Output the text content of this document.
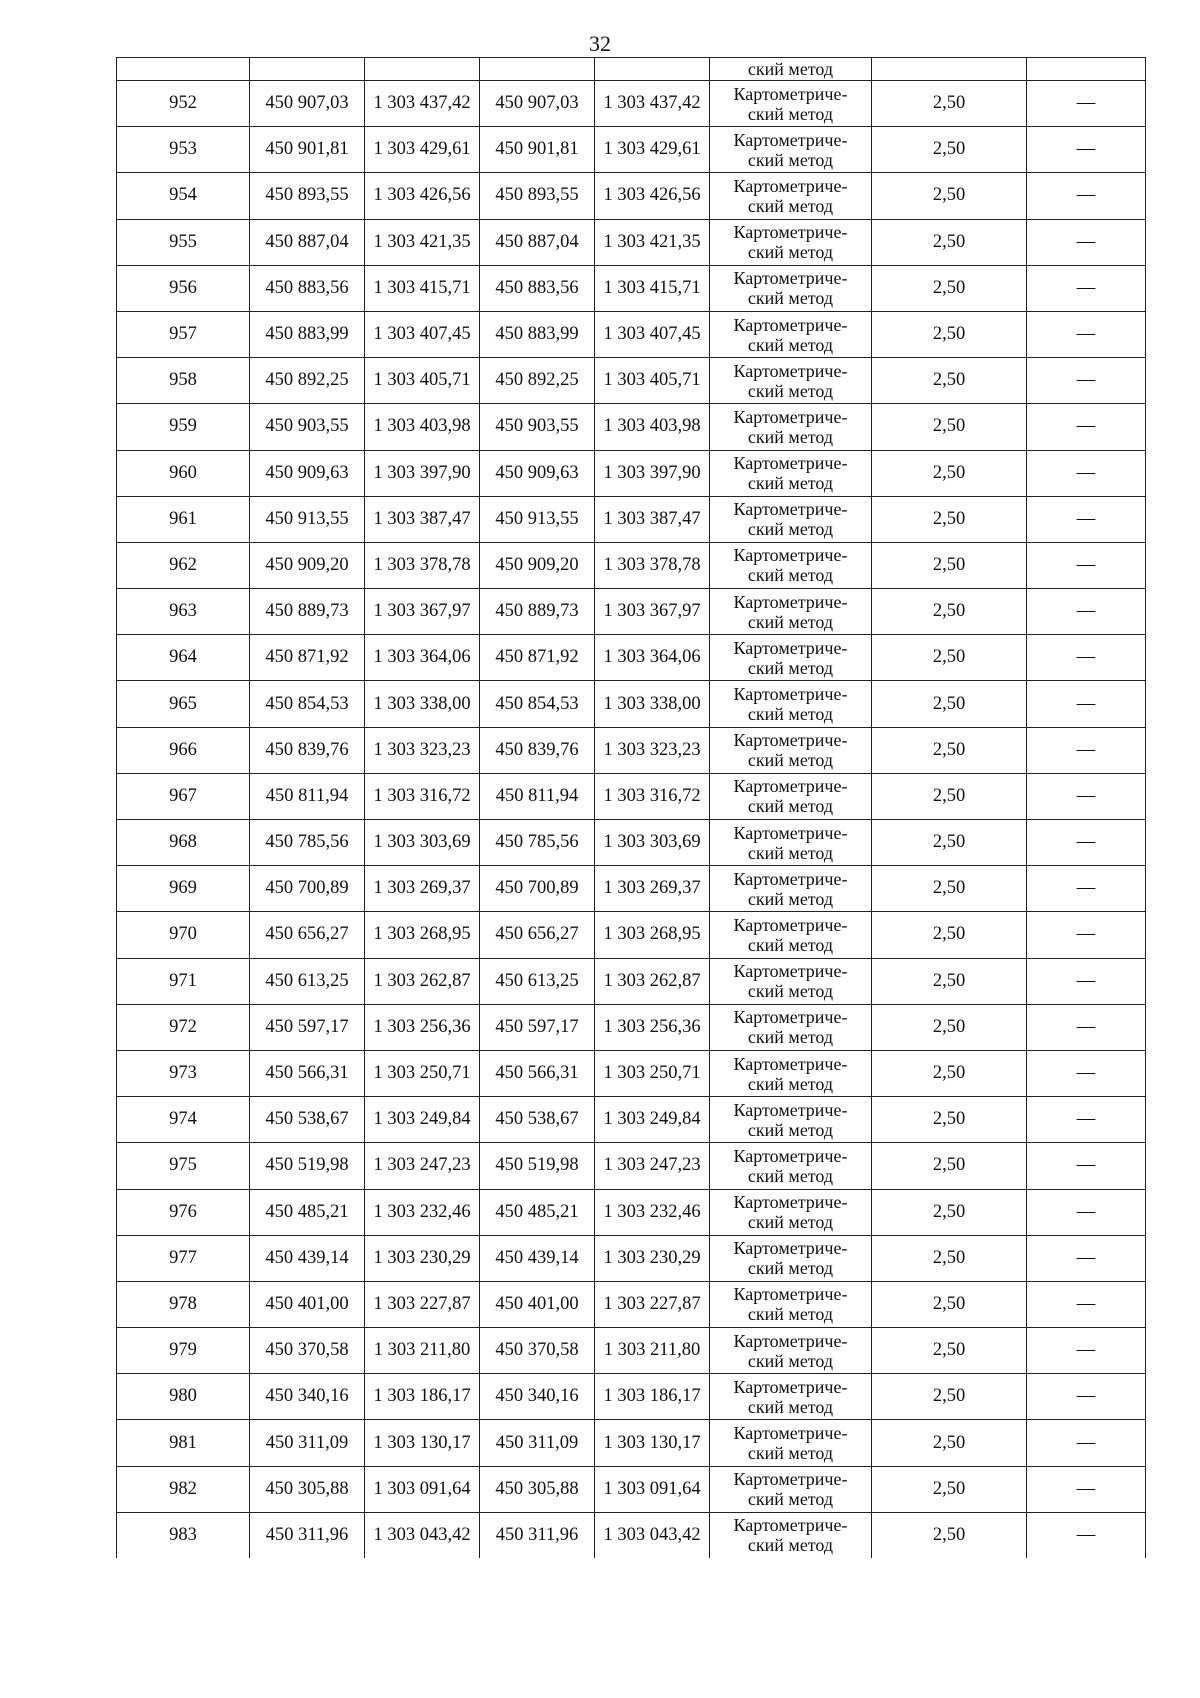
32
					ский метод		
952	450 907,03	1 303 437,42	450 907,03	1 303 437,42	Картометриче-
ский метод	2,50	—
953	450 901,81	1 303 429,61	450 901,81	1 303 429,61	Картометриче-
ский метод	2,50	—
954	450 893,55	1 303 426,56	450 893,55	1 303 426,56	Картометриче-
ский метод	2,50	—
955	450 887,04	1 303 421,35	450 887,04	1 303 421,35	Картометриче-
ский метод	2,50	—
956	450 883,56	1 303 415,71	450 883,56	1 303 415,71	Картометриче-
ский метод	2,50	—
957	450 883,99	1 303 407,45	450 883,99	1 303 407,45	Картометриче-
ский метод	2,50	—
958	450 892,25	1 303 405,71	450 892,25	1 303 405,71	Картометриче-
ский метод	2,50	—
959	450 903,55	1 303 403,98	450 903,55	1 303 403,98	Картометриче-
ский метод	2,50	—
960	450 909,63	1 303 397,90	450 909,63	1 303 397,90	Картометриче-
ский метод	2,50	—
961	450 913,55	1 303 387,47	450 913,55	1 303 387,47	Картометриче-
ский метод	2,50	—
962	450 909,20	1 303 378,78	450 909,20	1 303 378,78	Картометриче-
ский метод	2,50	—
963	450 889,73	1 303 367,97	450 889,73	1 303 367,97	Картометриче-
ский метод	2,50	—
964	450 871,92	1 303 364,06	450 871,92	1 303 364,06	Картометриче-
ский метод	2,50	—
965	450 854,53	1 303 338,00	450 854,53	1 303 338,00	Картометриче-
ский метод	2,50	—
966	450 839,76	1 303 323,23	450 839,76	1 303 323,23	Картометриче-
ский метод	2,50	—
967	450 811,94	1 303 316,72	450 811,94	1 303 316,72	Картометриче-
ский метод	2,50	—
968	450 785,56	1 303 303,69	450 785,56	1 303 303,69	Картометриче-
ский метод	2,50	—
969	450 700,89	1 303 269,37	450 700,89	1 303 269,37	Картометриче-
ский метод	2,50	—
970	450 656,27	1 303 268,95	450 656,27	1 303 268,95	Картометриче-
ский метод	2,50	—
971	450 613,25	1 303 262,87	450 613,25	1 303 262,87	Картометриче-
ский метод	2,50	—
972	450 597,17	1 303 256,36	450 597,17	1 303 256,36	Картометриче-
ский метод	2,50	—
973	450 566,31	1 303 250,71	450 566,31	1 303 250,71	Картометриче-
ский метод	2,50	—
974	450 538,67	1 303 249,84	450 538,67	1 303 249,84	Картометриче-
ский метод	2,50	—
975	450 519,98	1 303 247,23	450 519,98	1 303 247,23	Картометриче-
ский метод	2,50	—
976	450 485,21	1 303 232,46	450 485,21	1 303 232,46	Картометриче-
ский метод	2,50	—
977	450 439,14	1 303 230,29	450 439,14	1 303 230,29	Картометриче-
ский метод	2,50	—
978	450 401,00	1 303 227,87	450 401,00	1 303 227,87	Картометриче-
ский метод	2,50	—
979	450 370,58	1 303 211,80	450 370,58	1 303 211,80	Картометриче-
ский метод	2,50	—
980	450 340,16	1 303 186,17	450 340,16	1 303 186,17	Картометриче-
ский метод	2,50	—
981	450 311,09	1 303 130,17	450 311,09	1 303 130,17	Картометриче-
ский метод	2,50	—
982	450 305,88	1 303 091,64	450 305,88	1 303 091,64	Картометриче-
ский метод	2,50	—
983	450 311,96	1 303 043,42	450 311,96	1 303 043,42	Картометриче-
ский метод	2,50	—
